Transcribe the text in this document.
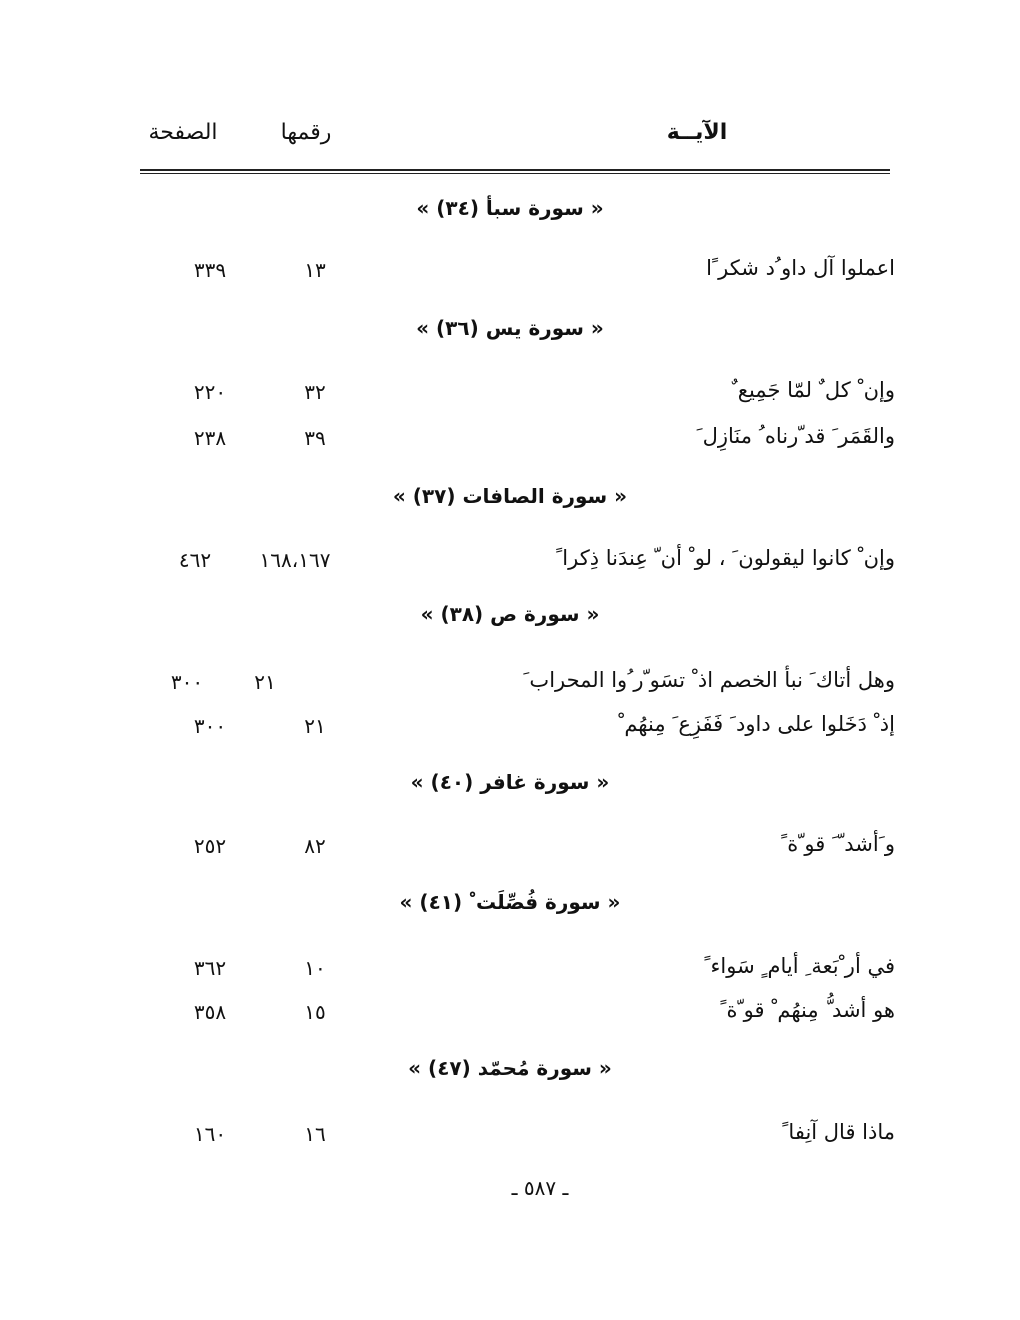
الآيــة
رقمها
الصفحة
« سورة سبأ (٣٤) »
اعملوا آل داو ُد شكر ًا
١٣
٣٣٩
« سورة يس (٣٦) »
وإن ْ كل ٌ لمّا جَمِيع ٌ
٣٢
٢٢٠
والقَمَر َ قد ّرناه ُ منَازِل َ
٣٩
٢٣٨
« سورة الصافات (٣٧) »
وإن ْ كانوا ليقولون َ ، لو ْ أن ّ عِندَنا ذِكرا ً
١٦٨،١٦٧
٤٦٢
« سورة ص (٣٨) »
وهل أتاك َ نبأ الخصم اذ ْ تسَو ّر ُوا المحراب َ
٢١
٣٠٠
إذ ْ دَخَلوا على داود َ فَفَزِع َ مِنهُم ْ
٢١
٣٠٠
« سورة غافر (٤٠) »
و َأشد ّ َ قو ّة ً
٨٢
٢٥٢
« سورة فُصِّلَت ْ (٤١) »
في أر ْبَعة ِ أيام ٍ سَواء ً
١٠
٣٦٢
هو أشد ُّ مِنهُم ْ قو ّة ً
١٥
٣٥٨
« سورة مُحمّد (٤٧) »
ماذا قال آنِفا ً
١٦
١٦٠
ـ ٥٨٧ ـ
